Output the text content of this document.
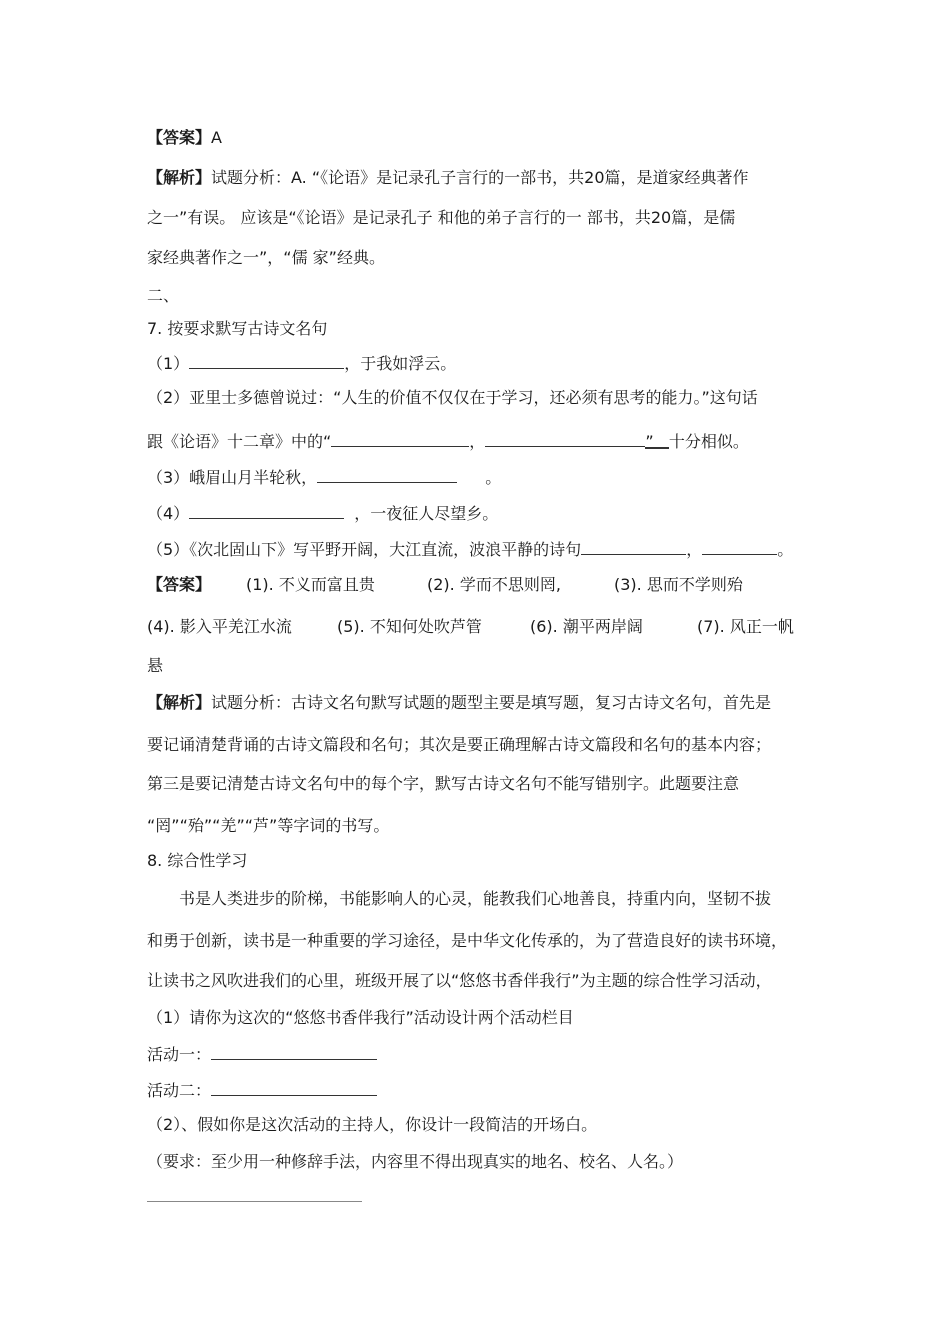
【答案】A
【解析】试题分析：A. “《论语》是记录孔子言行的一部书，共20篇，是道家经典著作
之一”有误。 应该是“《论语》是记录孔子 和他的弟子言行的一 部书，共20篇，是儒
家经典著作之一”，“儒 家”经典。
二、
7. 按要求默写古诗文名句
（1）	，于我如浮云。
（2）亚里士多德曾说过：“人生的价值不仅仅在于学习，还必须有思考的能力。”这句话
跟《论语》十二章》中的“	，	” 十分相似。
（3）峨眉山月半轮秋，	。
（4）	，一夜征人尽望乡。
（5）《次北固山下》写平野开阔，大江直流，波浪平静的诗句	，	。
【答案】 (1). 不义而富且贵	(2). 学而不思则罔,	(3). 思而不学则殆
(4). 影入平羌江水流	(5). 不知何处吹芦管	(6). 潮平两岸阔	(7). 风正一帆
悬
【解析】试题分析：古诗文名句默写试题的题型主要是填写题，复习古诗文名句，首先是
要记诵清楚背诵的古诗文篇段和名句；其次是要正确理解古诗文篇段和名句的基本内容；
第三是要记清楚古诗文名句中的每个字，默写古诗文名句不能写错别字。此题要注意
“罔”“殆”“羌”“芦”等字词的书写。
8. 综合性学习
书是人类进步的阶梯，书能影响人的心灵，能教我们心地善良，持重内向，坚韧不拔
和勇于创新，读书是一种重要的学习途径，是中华文化传承的，为了营造良好的读书环境，
让读书之风吹进我们的心里，班级开展了以“悠悠书香伴我行”为主题的综合性学习活动，
（1）请你为这次的“悠悠书香伴我行”活动设计两个活动栏目
活动一：
活动二：
（2）、假如你是这次活动的主持人，你设计一段简洁的开场白。
（要求：至少用一种修辞手法，内容里不得出现真实的地名、校名、人名。）
